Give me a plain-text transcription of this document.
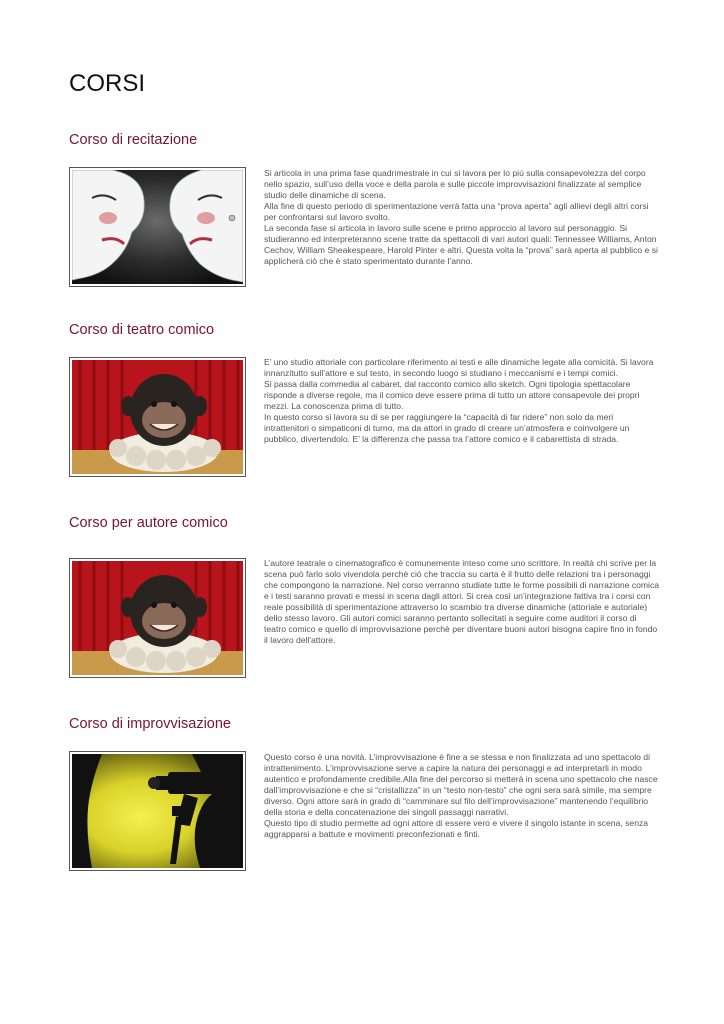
CORSI
Corso di recitazione

Si articola in una prima fase quadrimestrale in cui si lavora per lo più sulla consapevolezza del corpo nello spazio, sull’uso della voce e della parola e sulle piccole improvvisazioni finalizzate al semplice studio delle dinamiche di scena.

Alla fine di questo periodo di sperimentazione verrà fatta una “prova aperta” agli allievi degli altri corsi per confrontarsi sul lavoro svolto.

La seconda fase si articola in lavoro sulle scene e primo approccio al lavoro sul personaggio. Si studieranno ed interpreteranno scene tratte da spettacoli di vari autori quali: Tennessee Williams, Anton Cechov, William Sheakespeare, Harold Pinter e altri. Questa volta la “prova” sarà aperta al pubblico e si applicherà ciò che è stato sperimentato durante l’anno.

Corso di teatro comico

E’ uno studio attoriale con particolare riferimento ai testi e alle dinamiche legate alla comicità. Si lavora innanzitutto sull’attore e sul testo, in secondo luogo si studiano i meccanismi e i tempi comici.

Si passa dalla commedia al cabaret, dal racconto comico allo sketch. Ogni tipologia spettacolare risponde a diverse regole, ma il comico deve essere prima di tutto un attore consapevole dei propri mezzi. La conoscenza prima di tutto.

In questo corso si lavora su di se per raggiungere la “capacità di far ridere” non solo da meri intrattenitori o simpaticoni di turno, ma da attori in grado di creare un’atmosfera e coinvolgere un pubblico, divertendolo. E’ la differenza che passa tra l’attore comico e il cabarettista di strada.

Corso per autore comico

L’autore teatrale o cinematografico è comunemente inteso come uno scrittore. In realtà chi scrive per la scena può farlo solo vivendola perchè ciò che traccia su carta è il frutto delle relazioni tra i personaggi che compongono la narrazione. Nel corso verranno studiate tutte le forme possibili di narrazione comica e i testi saranno provati e messi in scena dagli attori. Si crea così un’integrazione fattiva tra i corsi con reale possibilità di sperimentazione attraverso lo scambio tra diverse dinamiche (attoriale e autoriale) dello stesso lavoro. Gli autori comici saranno pertanto sollecitati a seguire come auditori il corso di teatro comico e quello di improvvisazione perchè per diventare buoni autori bisogna capire fino in fondo il lavoro dell'attore.

Corso di improvvisazione

Questo corso è una novità. L’improvvisazione è fine a se stessa e non finalizzata ad uno spettacolo di intrattenimento. L’improvvisazione serve a capire la natura dei personaggi e ad interpretarli in modo autentico e profondamente credibile.Alla fine del percorso si metterà in scena uno spettacolo che nasce dall’improvvisazione e che si “cristallizza” in un “testo non-testo” che ogni sera sarà simile, ma sempre diverso. Ogni attore sarà in grado di “camminare sul filo dell’improvvisazione” mantenendo l’equilibrio della storia e della concatenazione dei singoli passaggi narrativi.

Questo tipo di studio permette ad ogni attore di essere vero e vivere il singolo istante in scena, senza aggrapparsi a battute e movimenti preconfezionati e finti.
